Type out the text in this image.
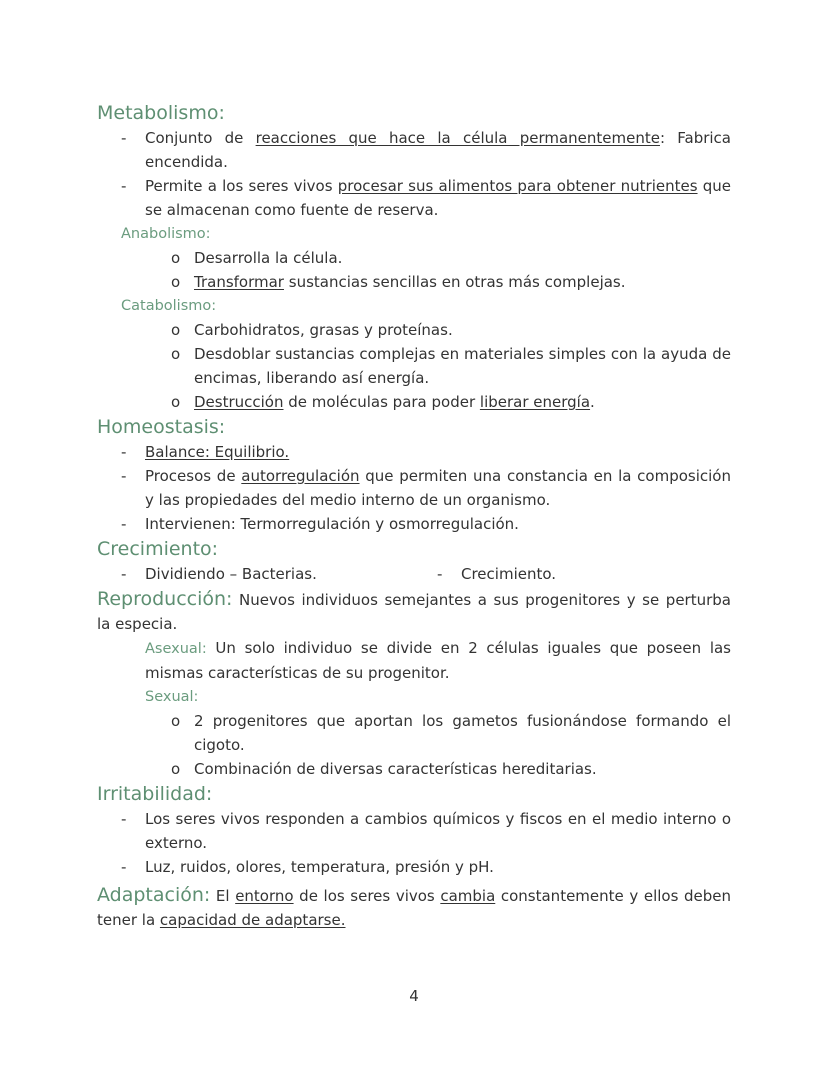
Metabolismo:
- Conjunto de reacciones que hace la célula permanentemente: Fabrica encendida.
- Permite a los seres vivos procesar sus alimentos para obtener nutrientes que se almacenan como fuente de reserva.
Anabolismo:
o Desarrolla la célula.
o Transformar sustancias sencillas en otras más complejas.
Catabolismo:
o Carbohidratos, grasas y proteínas.
o Desdoblar sustancias complejas en materiales simples con la ayuda de encimas, liberando así energía.
o Destrucción de moléculas para poder liberar energía.
Homeostasis:
- Balance: Equilibrio.
- Procesos de autorregulación que permiten una constancia en la composición y las propiedades del medio interno de un organismo.
- Intervienen: Termorregulación y osmorregulación.
Crecimiento:
- Dividiendo – Bacterias.
-	Crecimiento.
Reproducción: Nuevos individuos semejantes a sus progenitores y se perturba la especia.
Asexual: Un solo individuo se divide en 2 células iguales que poseen las mismas características de su progenitor.
Sexual:
o 2 progenitores que aportan los gametos fusionándose formando el cigoto.
o Combinación de diversas características hereditarias.
Irritabilidad:
- Los seres vivos responden a cambios químicos y fiscos en el medio interno o externo.
- Luz, ruidos, olores, temperatura, presión y pH.
Adaptación: El entorno de los seres vivos cambia constantemente y ellos deben tener la capacidad de adaptarse.
4
